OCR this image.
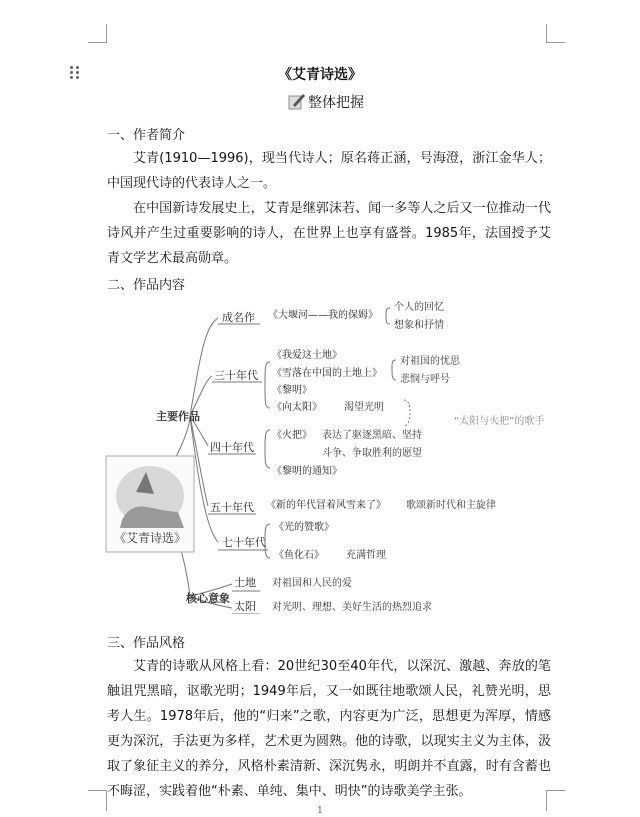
《艾青诗选》
整体把握
一、作者简介
艾青(1910—1996)，现当代诗人；原名蒋正涵，号海澄，浙江金华人；中国现代诗的代表诗人之一。
在中国新诗发展史上，艾青是继郭沫若、闻一多等人之后又一位推动一代诗风并产生过重要影响的诗人，在世界上也享有盛誉。1985年，法国授予艾青文学艺术最高勋章。
二、作品内容
《艾青诗选》
主要作品
核心意象
成名作 《大堰河——我的保姆》
个人的回忆
想象和抒情
三十年代
《我爱这土地》
《雪落在中国的土地上》
《黎明》
《向太阳》 渴望光明
对祖国的忧思
悲悯与呼号
“太阳与火把”的歌手
四十年代
《火把》 表达了驱逐黑暗、坚持
斗争、争取胜利的愿望
《黎明的通知》
五十年代 《新的年代冒着风雪来了》 歌颂新时代和主旋律
七十年代
《光的赞歌》
《鱼化石》 充满哲理
土地 对祖国和人民的爱
太阳 对光明、理想、美好生活的热烈追求
三、作品风格
艾青的诗歌从风格上看：20世纪30至40年代，以深沉、激越、奔放的笔触诅咒黑暗，讴歌光明；1949年后，又一如既往地歌颂人民，礼赞光明，思考人生。1978年后，他的“归来”之歌，内容更为广泛，思想更为浑厚，情感更为深沉，手法更为多样，艺术更为圆熟。他的诗歌，以现实主义为主体，汲取了象征主义的养分，风格朴素清新、深沉隽永，明朗并不直露，时有含蓄也不晦涩，实践着他“朴素、单纯、集中、明快”的诗歌美学主张。
1
